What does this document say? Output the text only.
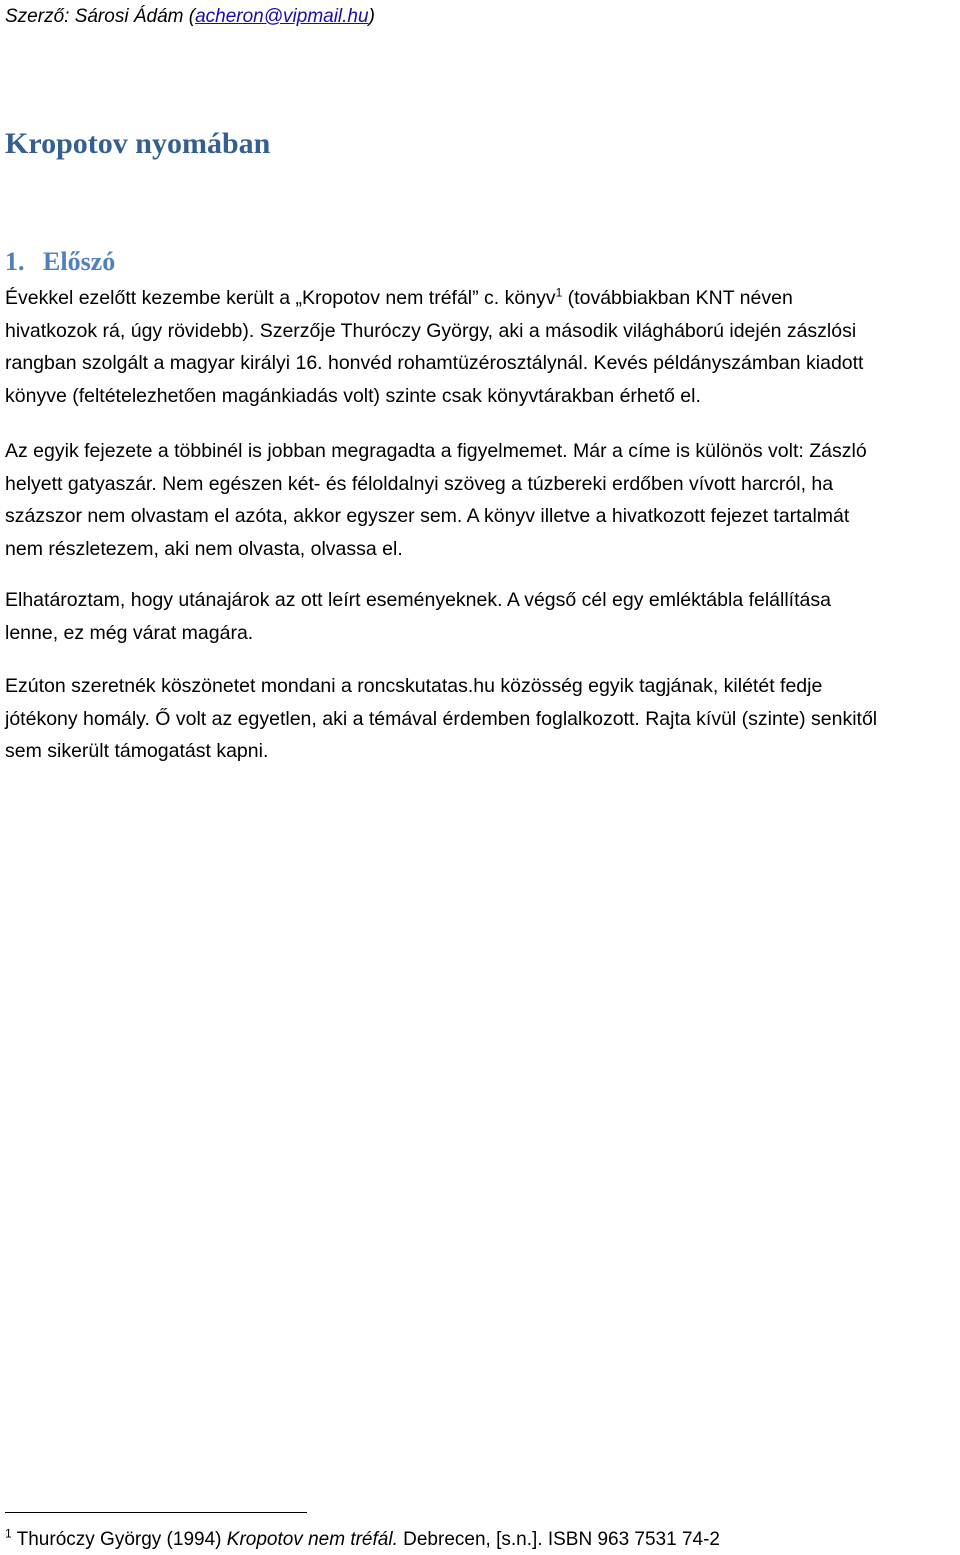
Szerző: Sárosi Ádám (acheron@vipmail.hu)
Kropotov nyomában
1. Előszó
Évekkel ezelőtt kezembe került a „Kropotov nem tréfál” c. könyv$^1$ (továbbiakban KNT néven
hivatkozok rá, úgy rövidebb). Szerzője Thuróczy György, aki a második világháború idején zászlósi
rangban szolgált a magyar királyi 16. honvéd rohamtüzérosztálynál. Kevés példányszámban kiadott
könyve (feltételezhetően magánkiadás volt) szinte csak könyvtárakban érhető el.
Az egyik fejezete a többinél is jobban megragadta a figyelmemet. Már a címe is különös volt: Zászló
helyett gatyaszár. Nem egészen két- és féloldalnyi szöveg a túzbereki erdőben vívott harcról, ha
százszor nem olvastam el azóta, akkor egyszer sem. A könyv illetve a hivatkozott fejezet tartalmát
nem részletezem, aki nem olvasta, olvassa el.
Elhatároztam, hogy utánajárok az ott leírt eseményeknek. A végső cél egy emléktábla felállítása
lenne, ez még várat magára.
Ezúton szeretnék köszönetet mondani a roncskutatas.hu közösség egyik tagjának, kilétét fedje
jótékony homály. Ő volt az egyetlen, aki a témával érdemben foglalkozott. Rajta kívül (szinte) senkitől
sem sikerült támogatást kapni.
$^1$ Thuróczy György (1994) Kropotov nem tréfál. Debrecen, [s.n.]. ISBN 963 7531 74-2
